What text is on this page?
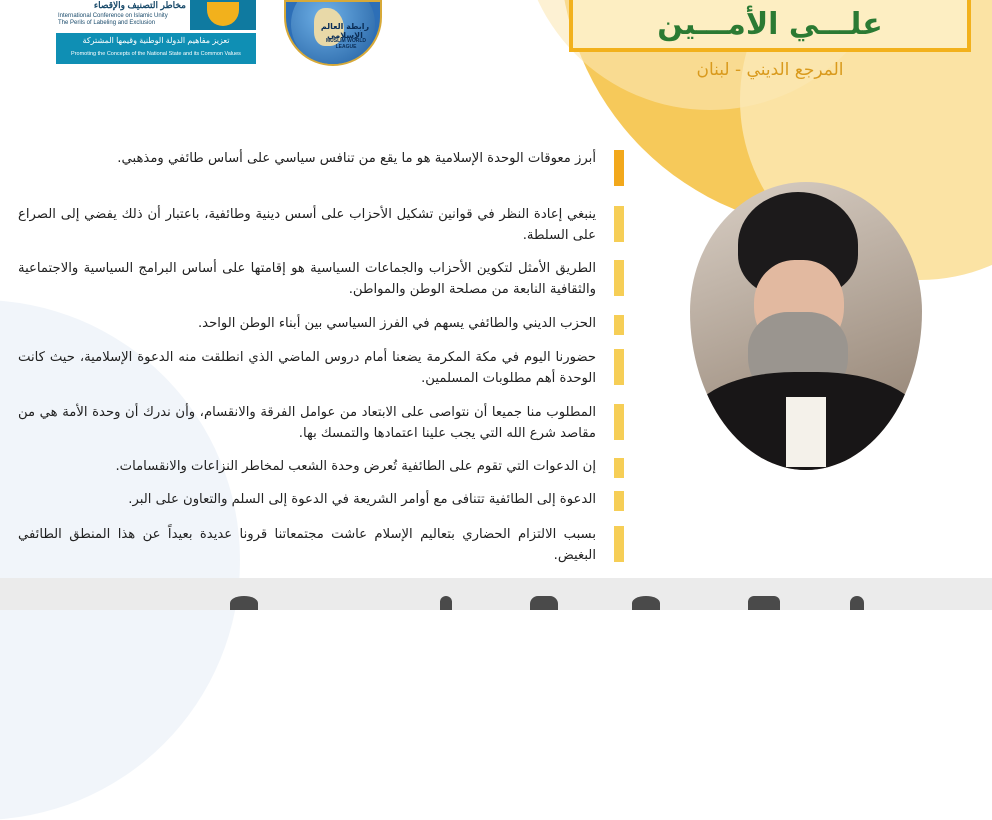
مخاطر التصنيف والإقصاء
International Conference on Islamic Unity
The Perils of Labeling and Exclusion
تعزيز مفاهيم الدولة الوطنية وقيمها المشتركة
Promoting the Concepts of the National State and its Common Values
رابطة العالم الإسلامي
MUSLIM WORLD LEAGUE
علـــي الأمـــين
المرجع الديني - لبنان

أبرز معوقات الوحدة الإسلامية هو ما يقع من تنافس سياسي على أساس طائفي ومذهبي.

ينبغي إعادة النظر في قوانين تشكيل الأحزاب على أسس دينية وطائفية، باعتبار أن ذلك يفضي إلى الصراع على السلطة.

الطريق الأمثل لتكوين الأحزاب والجماعات السياسية هو إقامتها على أساس البرامج السياسية والاجتماعية والثقافية النابعة من مصلحة الوطن والمواطن.

الحزب الديني والطائفي يسهم في الفرز السياسي بين أبناء الوطن الواحد.

حضورنا اليوم في مكة المكرمة يضعنا أمام دروس الماضي الذي انطلقت منه الدعوة الإسلامية، حيث كانت الوحدة أهم مطلوبات المسلمين.

المطلوب منا جميعا أن نتواصى على الابتعاد من عوامل الفرقة والانقسام، وأن ندرك أن وحدة الأمة هي من مقاصد شرع الله التي يجب علينا اعتمادها والتمسك بها.

إن الدعوات التي تقوم على الطائفية تُعرض وحدة الشعب لمخاطر النزاعات والانقسامات.

الدعوة إلى الطائفية تتنافى مع أوامر الشريعة في الدعوة إلى السلم والتعاون على البر.

بسبب الالتزام الحضاري بتعاليم الإسلام عاشت مجتمعاتنا قرونا عديدة بعيداً عن هذا المنطق الطائفي البغيض.
